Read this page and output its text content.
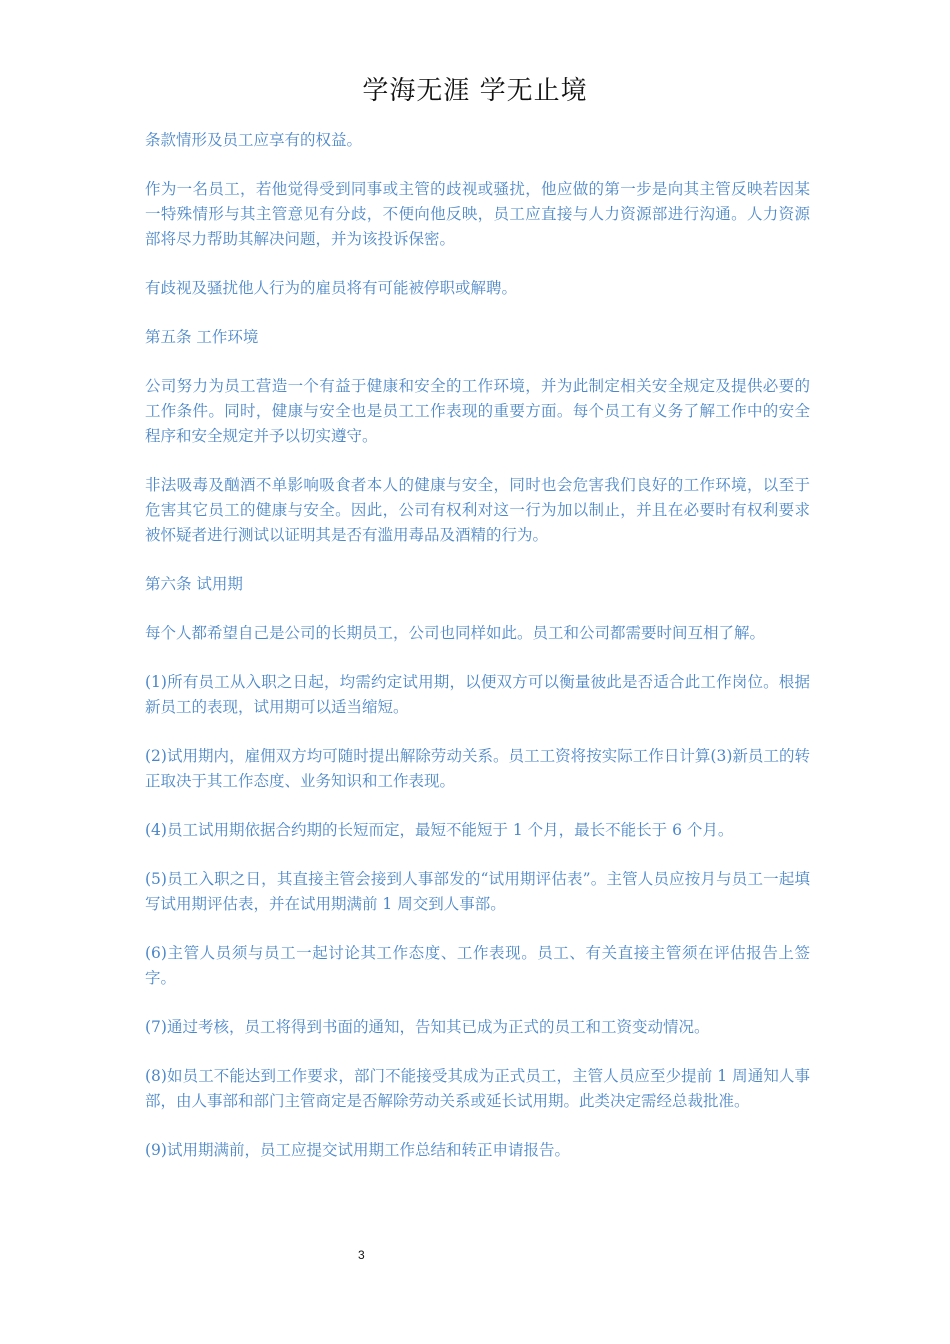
学海无涯 学无止境

条款情形及员工应享有的权益。

作为一名员工，若他觉得受到同事或主管的歧视或骚扰，他应做的第一步是向其主管反映若因某一特殊情形与其主管意见有分歧，不便向他反映，员工应直接与人力资源部进行沟通。人力资源部将尽力帮助其解决问题，并为该投诉保密。

有歧视及骚扰他人行为的雇员将有可能被停职或解聘。

第五条 工作环境

公司努力为员工营造一个有益于健康和安全的工作环境，并为此制定相关安全规定及提供必要的工作条件。同时，健康与安全也是员工工作表现的重要方面。每个员工有义务了解工作中的安全程序和安全规定并予以切实遵守。

非法吸毒及酗酒不单影响吸食者本人的健康与安全，同时也会危害我们良好的工作环境，以至于危害其它员工的健康与安全。因此，公司有权利对这一行为加以制止，并且在必要时有权利要求被怀疑者进行测试以证明其是否有滥用毒品及酒精的行为。

第六条 试用期

每个人都希望自己是公司的长期员工，公司也同样如此。员工和公司都需要时间互相了解。

(1)所有员工从入职之日起，均需约定试用期，以便双方可以衡量彼此是否适合此工作岗位。根据新员工的表现，试用期可以适当缩短。

(2)试用期内，雇佣双方均可随时提出解除劳动关系。员工工资将按实际工作日计算(3)新员工的转正取决于其工作态度、业务知识和工作表现。

(4)员工试用期依据合约期的长短而定，最短不能短于 1 个月，最长不能长于 6 个月。

(5)员工入职之日，其直接主管会接到人事部发的“试用期评估表”。主管人员应按月与员工一起填写试用期评估表，并在试用期满前 1 周交到人事部。

(6)主管人员须与员工一起讨论其工作态度、工作表现。员工、有关直接主管须在评估报告上签字。

(7)通过考核，员工将得到书面的通知，告知其已成为正式的员工和工资变动情况。

(8)如员工不能达到工作要求，部门不能接受其成为正式员工，主管人员应至少提前 1 周通知人事部，由人事部和部门主管商定是否解除劳动关系或延长试用期。此类决定需经总裁批准。

(9)试用期满前，员工应提交试用期工作总结和转正申请报告。

3
